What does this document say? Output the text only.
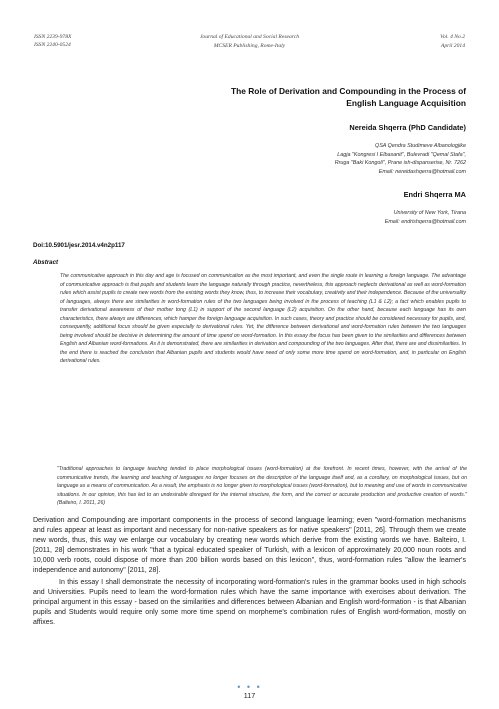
ISSN 2239-978X
ISSN 2240-0524
Journal of Educational and Social Research
MCSER Publishing, Rome-Italy
Vol. 4 No.2
April 2014
The Role of Derivation and Compounding in the Process of
English Language Acquisition
Nereida Shqerra (PhD Candidate)
QSA Qendra Studimeve Albanologjike
Lagja "Kongresi I Elbasanit", Bulevradi "Qemal Stafa",
Rruga "Baki Kongoli", Prane ish-dispanserise, Nr. 7262
Email: nereidashqerra@hotmail.com
Endri Shqerra MA
University of New York, Tirana
Email: endrishqerra@hotmail.com
Doi:10.5901/jesr.2014.v4n2p117
Abstract
The communicative approach in this day and age is focused on communication as the most important, and even the single route in learning a foreign language. The advantage of communicative approach is that pupils and students learn the language naturally through practice, nevertheless, this approach neglects derivational as well as word-formation rules which assist pupils to create new words from the existing words they know, thus, to increase their vocabulary, creativity and their independence. Because of the universality of languages, always there are similarities in word-formation rules of the two languages being involved in the process of teaching (L1 & L2); a fact which enables pupils to transfer derivational awareness of their mother tong (L1) in support of the second language (L2) acquisition. On the other hand, because each language has its own characteristics, there always are differences, which hamper the foreign language acquisition. In such cases, theory and practice should be considered necessary for pupils, and, consequently, additional focus should be given especially to derivational rules. Yet, the difference between derivational and word-formation rules between the two languages being involved should be decisive in determining the amount of time spend on word-formation. In this essay the focus has been given to the similarities and differences between English and Albanian word-formations. As it is demonstrated, there are similarities in derivation and compounding of the two languages. After that, there are and dissimilarities. In the end there is reached the conclusion that Albanian pupils and students would have need of only some more time spend on word-formation, and, in particular on English derivational rules.
"Traditional approaches to language teaching tended to place morphological issues (word-formation) at the forefront. In recent times, however, with the arrival of the communicative trends, the learning and teaching of languages no longer focuses on the description of the language itself and, as a corollary, on morphological issues, but on language as a means of communication. As a result, the emphasis is no longer given to morphological issues (word-formation), but to meaning and use of words in communicative situations. In our opinion, this has led to an undesirable disregard for the internal structure, the form, and the correct or accurate production and productive creation of words." (Balteiro, I. 2011, 26)

Derivation and Compounding are important components in the process of second language learning; even "word-formation mechanisms and rules appear at least as important and necessary for non-native speakers as for native speakers" [2011, 26]. Through them we create new words, thus, this way we enlarge our vocabulary by creating new words which derive from the existing words we have. Balteiro, I. [2011, 28] demonstrates in his work "that a typical educated speaker of Turkish, with a lexicon of approximately 20,000 noun roots and 10,000 verb roots, could dispose of more than 200 billion words based on this lexicon", thus, word-formation rules "allow the learner's independence and autonomy" [2011, 28].

In this essay I shall demonstrate the necessity of incorporating word-formation's rules in the grammar books used in high schools and Universities. Pupils need to learn the word-formation rules which have the same importance with exercises about derivation. The principal argument in this essay - based on the similarities and differences between Albanian and English word-formation - is that Albanian pupils and Students would require only some more time spend on morpheme's combination rules of English word-formation, mostly on affixes.

• • •
117
